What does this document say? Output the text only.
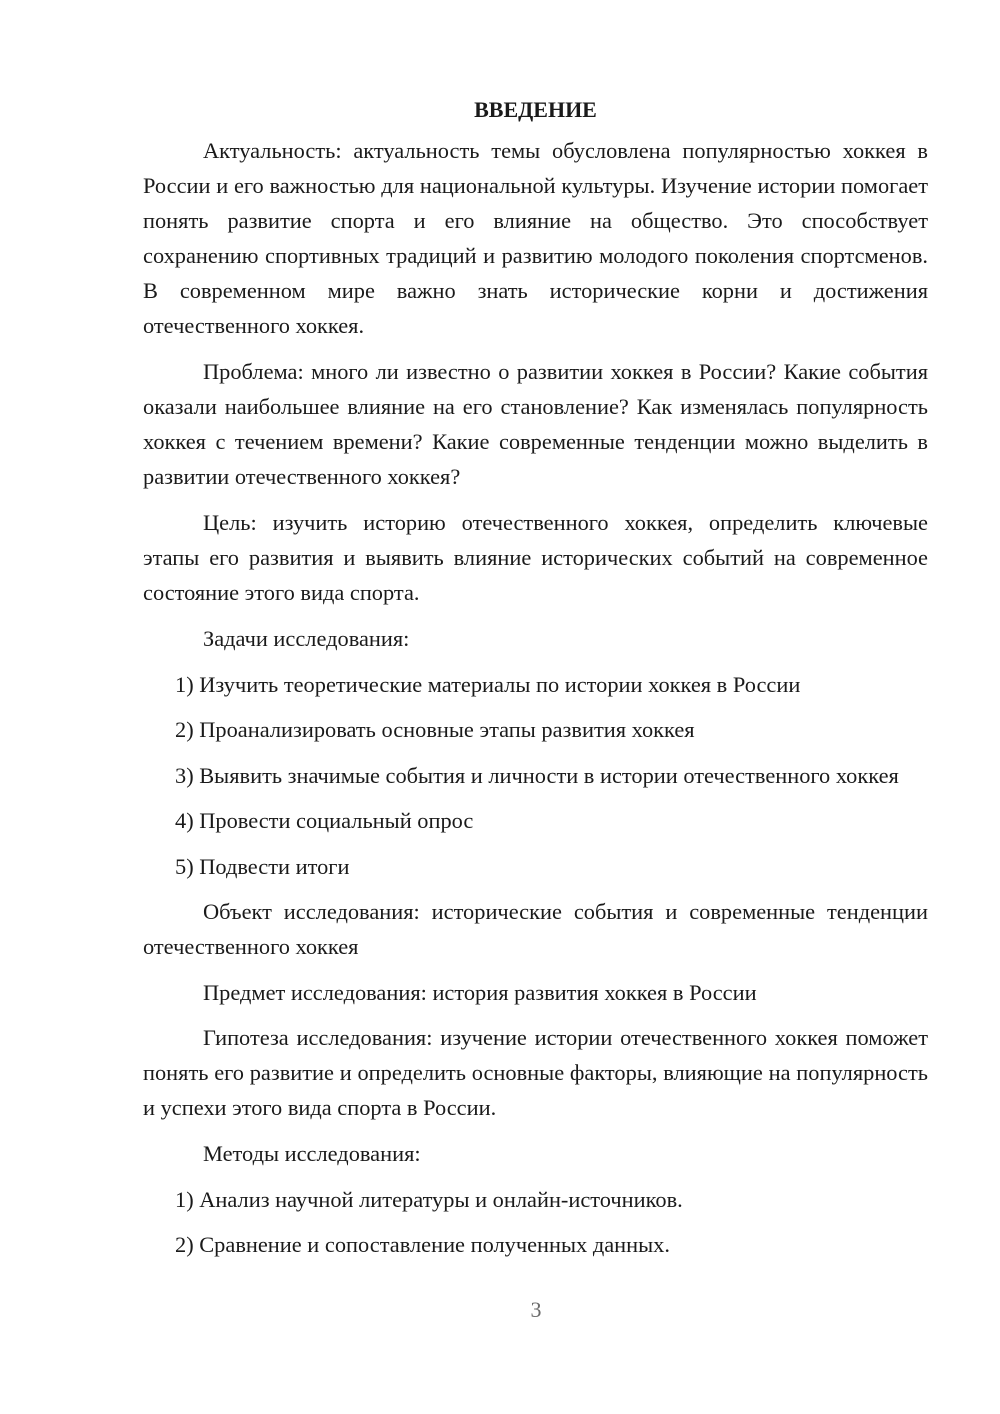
ВВЕДЕНИЕ

Актуальность: актуальность темы обусловлена популярностью хоккея в России и его важностью для национальной культуры. Изучение истории помогает понять развитие спорта и его влияние на общество. Это способствует сохранению спортивных традиций и развитию молодого поколения спортсменов. В современном мире важно знать исторические корни и достижения отечественного хоккея.

Проблема: много ли известно о развитии хоккея в России? Какие события оказали наибольшее влияние на его становление? Как изменялась популярность хоккея с течением времени? Какие современные тенденции можно выделить в развитии отечественного хоккея?

Цель: изучить историю отечественного хоккея, определить ключевые этапы его развития и выявить влияние исторических событий на современное состояние этого вида спорта.

Задачи исследования:

1) Изучить теоретические материалы по истории хоккея в России

2) Проанализировать основные этапы развития хоккея

3) Выявить значимые события и личности в истории отечественного хоккея

4) Провести социальный опрос

5) Подвести итоги

Объект исследования: исторические события и современные тенденции отечественного хоккея

Предмет исследования: история развития хоккея в России

Гипотеза исследования: изучение истории отечественного хоккея поможет понять его развитие и определить основные факторы, влияющие на популярность и успехи этого вида спорта в России.

Методы исследования:

1) Анализ научной литературы и онлайн-источников.

2) Сравнение и сопоставление полученных данных.

3
